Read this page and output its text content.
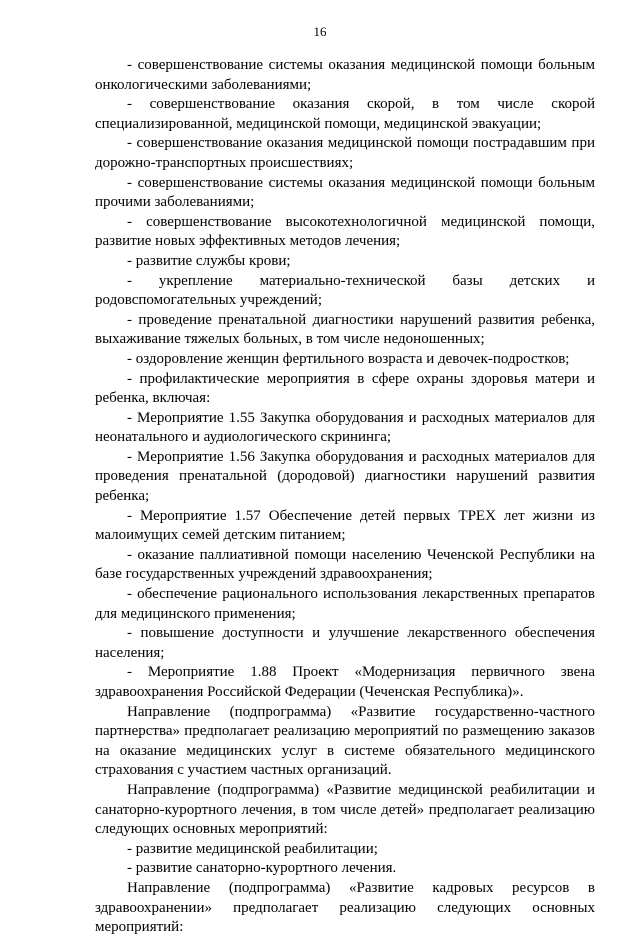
16

- совершенствование системы оказания медицинской помощи больным онкологическими заболеваниями;

- совершенствование оказания скорой, в том числе скорой специализированной, медицинской помощи, медицинской эвакуации;

- совершенствование оказания медицинской помощи пострадавшим при дорожно-транспортных происшествиях;

- совершенствование системы оказания медицинской помощи больным прочими заболеваниями;

- совершенствование высокотехнологичной медицинской помощи, развитие новых эффективных методов лечения;

- развитие службы крови;

- укрепление материально-технической базы детских и родовспомогательных учреждений;

- проведение пренатальной диагностики нарушений развития ребенка, выхаживание тяжелых больных, в том числе недоношенных;

- оздоровление женщин фертильного возраста и девочек-подростков;

- профилактические мероприятия в сфере охраны здоровья матери и ребенка, включая:

- Мероприятие 1.55 Закупка оборудования и расходных материалов для неонатального и аудиологического скрининга;

- Мероприятие 1.56 Закупка оборудования и расходных материалов для проведения пренатальной (дородовой) диагностики нарушений развития ребенка;

- Мероприятие 1.57 Обеспечение детей первых ТРЕХ лет жизни из малоимущих семей детским питанием;

- оказание паллиативной помощи населению Чеченской Республики на базе государственных учреждений здравоохранения;

- обеспечение рационального использования лекарственных препаратов для медицинского применения;

- повышение доступности и улучшение лекарственного обеспечения населения;

- Мероприятие 1.88 Проект «Модернизация первичного звена здравоохранения Российской Федерации (Чеченская Республика)».

Направление (подпрограмма) «Развитие государственно-частного партнерства» предполагает реализацию мероприятий по размещению заказов на оказание медицинских услуг в системе обязательного медицинского страхования с участием частных организаций.

Направление (подпрограмма) «Развитие медицинской реабилитации и санаторно-курортного лечения, в том числе детей» предполагает реализацию следующих основных мероприятий:

- развитие медицинской реабилитации;

- развитие санаторно-курортного лечения.

Направление (подпрограмма) «Развитие кадровых ресурсов в здравоохранении» предполагает реализацию следующих основных мероприятий:
